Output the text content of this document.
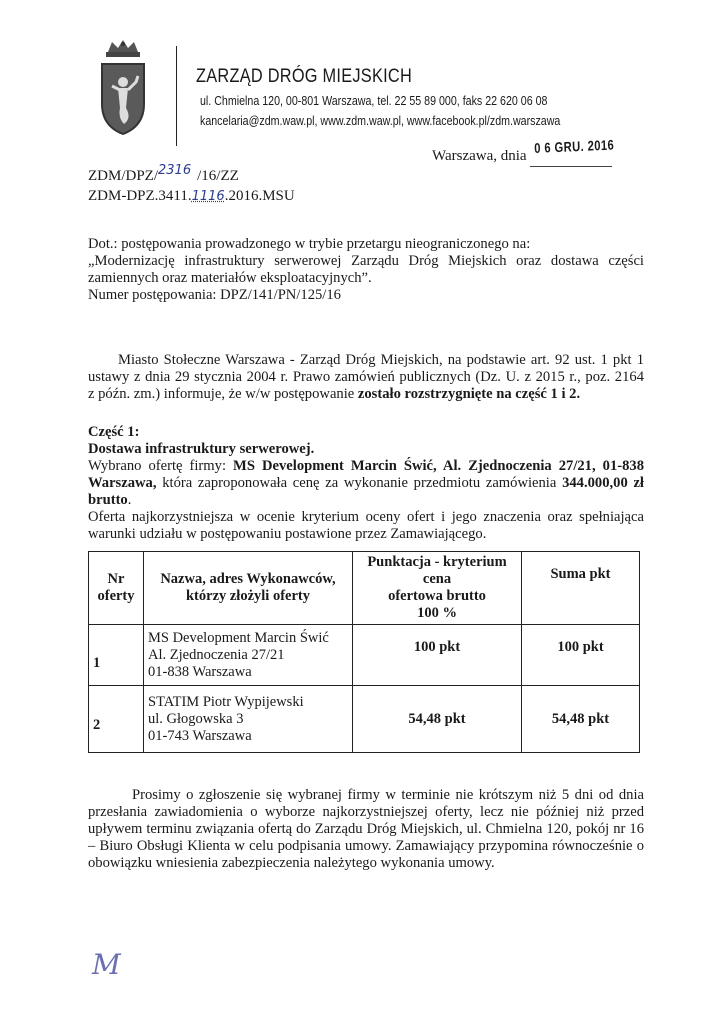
ZARZĄD DRÓG MIEJSKICH
ul. Chmielna 120, 00-801 Warszawa, tel. 22 55 89 000, faks 22 620 06 08
kancelaria@zdm.waw.pl, www.zdm.waw.pl, www.facebook.pl/zdm.warszawa
Warszawa, dnia
0 6 GRU. 2016
ZDM/DPZ/2316 /16/ZZ
ZDM-DPZ.3411.1116.2016.MSU
Dot.: postępowania prowadzonego w trybie przetargu nieograniczonego na:
„Modernizację infrastruktury serwerowej Zarządu Dróg Miejskich oraz dostawa części
zamiennych oraz materiałów eksploatacyjnych”.
Numer postępowania: DPZ/141/PN/125/16
Miasto Stołeczne Warszawa - Zarząd Dróg Miejskich, na podstawie art. 92 ust. 1 pkt 1
ustawy z dnia 29 stycznia 2004 r. Prawo zamówień publicznych (Dz. U. z 2015 r., poz. 2164
z późn. zm.) informuje, że w/w postępowanie zostało rozstrzygnięte na część 1 i 2.
Część 1:
Dostawa infrastruktury serwerowej.
Wybrano ofertę firmy: MS Development Marcin Świć, Al. Zjednoczenia 27/21, 01-838
Warszawa, która zaproponowała cenę za wykonanie przedmiotu zamówienia 344.000,00 zł
brutto.
Oferta najkorzystniejsza w ocenie kryterium oceny ofert i jego znaczenia oraz spełniająca
warunki udziału w postępowaniu postawione przez Zamawiającego.
Nr oferty	Nazwa, adres Wykonawców, którzy złożyli oferty	Punktacja - kryterium
cena
ofertowa brutto
100 %	Suma pkt
1	MS Development Marcin Świć
Al. Zjednoczenia 27/21
01-838 Warszawa	100 pkt	100 pkt
2	STATIM Piotr Wypijewski
ul. Głogowska 3
01-743 Warszawa	54,48 pkt	54,48 pkt
Prosimy o zgłoszenie się wybranej firmy w terminie nie krótszym niż 5 dni od dnia
przesłania zawiadomienia o wyborze najkorzystniejszej oferty, lecz nie później niż przed
upływem terminu związania ofertą do Zarządu Dróg Miejskich, ul. Chmielna 120, pokój nr 16
– Biuro Obsługi Klienta w celu podpisania umowy. Zamawiający przypomina równocześnie o
obowiązku wniesienia zabezpieczenia należytego wykonania umowy.
M
